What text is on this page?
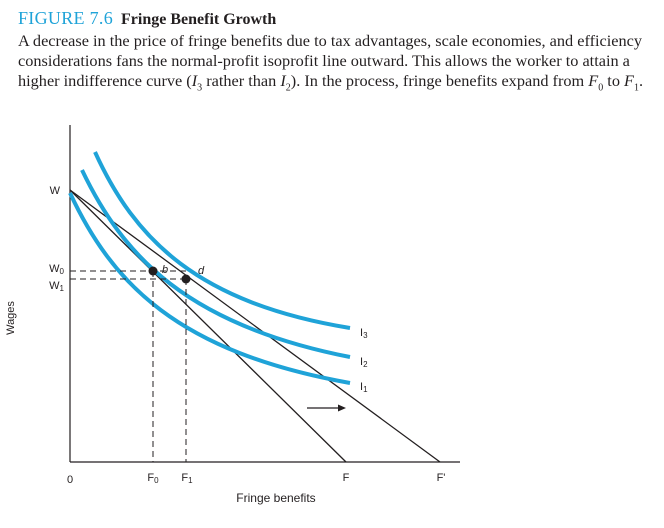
FIGURE 7.6 Fringe Benefit Growth
A decrease in the price of fringe benefits due to tax advantages, scale economies, and efficiency considerations fans the normal-profit isoprofit line outward. This allows the worker to attain a higher indifference curve ($I_3$ rather than $I_2$). In the process, fringe benefits expand from $F_0$ to $F_1$.
b	d
Wages
W
W0
W1
0	F0 F1	F	F'
Fringe benefits
I3
I2
I1
